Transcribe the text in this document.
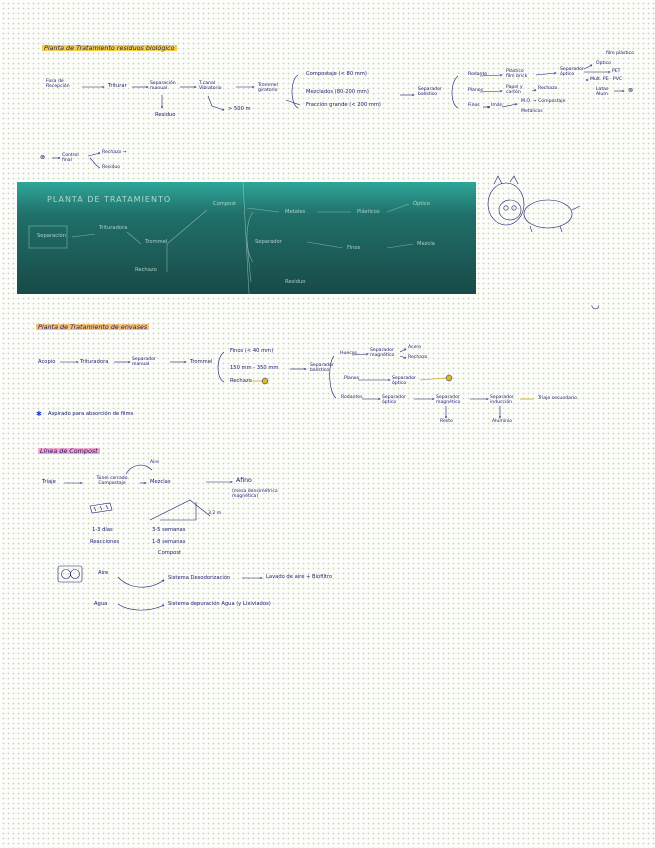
Planta de Tratamiento residuos biológico
Fosa de Recepción	Triturar	Separación manual
Residuo
T.canal Vibratorio
> 500 m
Trommel giratorio
Compostaje (< 80 mm)
Mezclados (80-200 mm)
Fracción grande (< 200 mm)
Separador balístico
Rodante
Planos
Finos Imán
Plástico film brick
Papel y cartón
Rechazo
M.O. → Compostaje
Metálicos
Separador óptico
Óptico
film plástico
PET
Mult. PE · PVC
Latas Alum
⊗
⊗	Control final
Rechazo →
Residuo
PLANTA DE TRATAMIENTO
Separación
Trituradora
Trommel
Rechazo
Compost
Metales
Separador
Residuo
Finos
Plásticos
Óptico
Mezcla
Planta de Tratamiento de envases
Acopio	Trituradora	Separador manual	Trommel
Finos (< 40 mm)
150 mm - 350 mm
Rechazo
Separador balístico
Huecos
Planos
Rodantes
Separador magnético
Acero
Rechazo
Separador óptico
Separador óptico
Separador magnético
Separador inducción
Triaje secundario
Resto	Aluminio
✱ Aspirado para absorción de films
Línea de Compost
Triaje
Túnel cerrado Compostaje
Aire
Mezclas	Afino
(mesa densimétrica magnética)
1-3 días
Reacciones
3.2 m
3-5 semanas
1-8 semanas
Compost
Aire
Sistema Desodorización	Lavado de aire + Biofiltro
Agua	Sistema depuración Agua (y Lixiviados)
◡
